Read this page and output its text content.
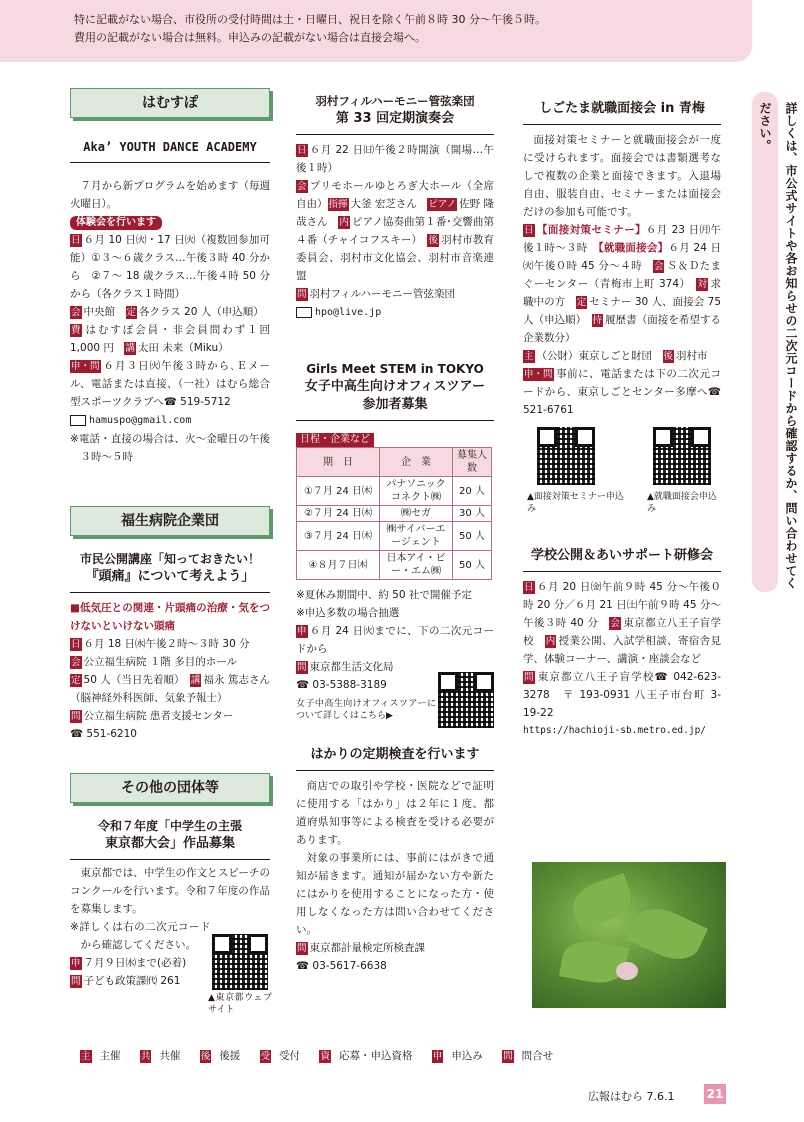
特に記載がない場合、市役所の受付時間は土・日曜日、祝日を除く午前８時 30 分～午後５時。

費用の記載がない場合は無料。申込みの記載がない場合は直接会場へ。

はむすぽ
Aka’ YOUTH DANCE ACADEMY

７月から新プログラムを始めます（毎週火曜日）。

体験会を行います

日 ６月 10 日㈫・17 日㈫（複数回参加可能）①３～６歳クラス…午後３時 40 分から　②７～ 18 歳クラス…午後４時 50 分から（各クラス１時間）

会 中央館　 定 各クラス 20 人（申込順）

費 はむすぽ会員・非会員問わず１回 1,000 円　 講 太田 未来（Miku）

申・問 ６月３日㈫午後３時から､Ｅメール、電話または直接、（一社）はむら総合型スポーツクラブへ☎ 519-5712

hamuspo@gmail.com

※電話・直接の場合は、火～金曜日の午後３時～５時

福生病院企業団
市民公開講座「知っておきたい！
『頭痛』について考えよう」

■低気圧との関連・片頭痛の治療・気をつけないといけない頭痛

日 ６月 18 日㈬午後２時～３時 30 分

会 公立福生病院 １階 多目的ホール

定 50 人（当日先着順）　 講 福永 篤志さん（脳神経外科医師、気象予報士）

問 公立福生病院 患者支援センター

☎ 551-6210

その他の団体等
令和７年度「中学生の主張
東京都大会」作品募集

東京都では、中学生の作文とスピーチのコンクールを行います。令和７年度の作品を募集します。

※詳しくは右の二次元コードから確認してください。

申 ７月９日㈬まで(必着)

問 子ども政策課㈹ 261

▲東京都ウェブサイト
羽村フィルハーモニー管弦楽団
第 33 回定期演奏会

日 ６月 22 日㈰午後２時開演（開場…午後１時）

会 プリモホールゆとろぎ大ホール（全席自由）指揮 大釜 宏芝さん　 ピアノ 佐野 隆哉さん　 内 ピアノ協奏曲第１番･交響曲第４番（チャイコフスキー）　 後 羽村市教育委員会、羽村市文化協会、羽村市音楽連盟

問 羽村フィルハーモニー管弦楽団

hpo@live.jp

Girls Meet STEM in TOKYO
女子中高生向けオフィスツアー
参加者募集
日程・企業など
期　日	企　業	募集人数
①７月 24 日㈭	パナソニックコネクト㈱	20 人
②７月 24 日㈭	㈱セガ	30 人
③７月 24 日㈭	㈱サイバーエージェント	50 人
④８月７日㈭	日本アイ・ビー・エム㈱	50 人

※夏休み期間中、約 50 社で開催予定

※申込多数の場合抽選

申 ６月 24 日㈫までに、下の二次元コードから

問 東京都生活文化局

☎ 03-5388-3189

女子中高生向けオフィスツアーについて詳しくはこちら▶
はかりの定期検査を行います

商店での取引や学校・医院などで証明に使用する「はかり」は２年に１度、都道府県知事等による検査を受ける必要があります。

対象の事業所には、事前にはがきで通知が届きます。通知が届かない方や新たにはかりを使用することになった方・使用しなくなった方は問い合わせてください。

問 東京都計量検定所検査課

☎ 03-5617-6638

しごたま就職面接会 in 青梅

面接対策セミナーと就職面接会が一度に受けられます。面接会では書類選考なしで複数の企業と面接できます。入退場自由、服装自由、セミナーまたは面接会だけの参加も可能です。

日 【面接対策セミナー】６月 23 日㈪午後１時～３時　 【就職面接会】６月 24 日㈫午後０時 45 分～４時　 会 Ｓ＆Ｄたまぐーセンター（青梅市上町 374）　 対 求職中の方　 定 セミナー 30 人、面接会 75 人（申込順）　 持 履歴書（面接を希望する企業数分）

主 （公財）東京しごと財団　 後 羽村市

申・問 事前に、電話または下の二次元コードから、東京しごとセンター多摩へ☎ 521-6761

▲面接対策セミナー申込み
▲就職面接会申込み
学校公開＆あいサポート研修会

日 ６月 20 日㈮午前９時 45 分～午後０時 20 分／６月 21 日㈯午前９時 45 分～午後３時 40 分　 会 東京都立八王子盲学校　 内 授業公開、入試学相談、寄宿舎見学、体験コーナー、講演・座談会など

問 東京都立八王子盲学校☎ 042-623-3278　〒 193-0931 八王子市台町 3-19-22

https://hachioji-sb.metro.ed.jp/

詳しくは、市公式サイトや各お知らせの二次元コードから確認するか、問い合わせてください。
主 主催 共 共催 後 後援 受 受付 資 応募・申込資格 申 申込み 問 問合せ
広報はむら 7.6.1	21
